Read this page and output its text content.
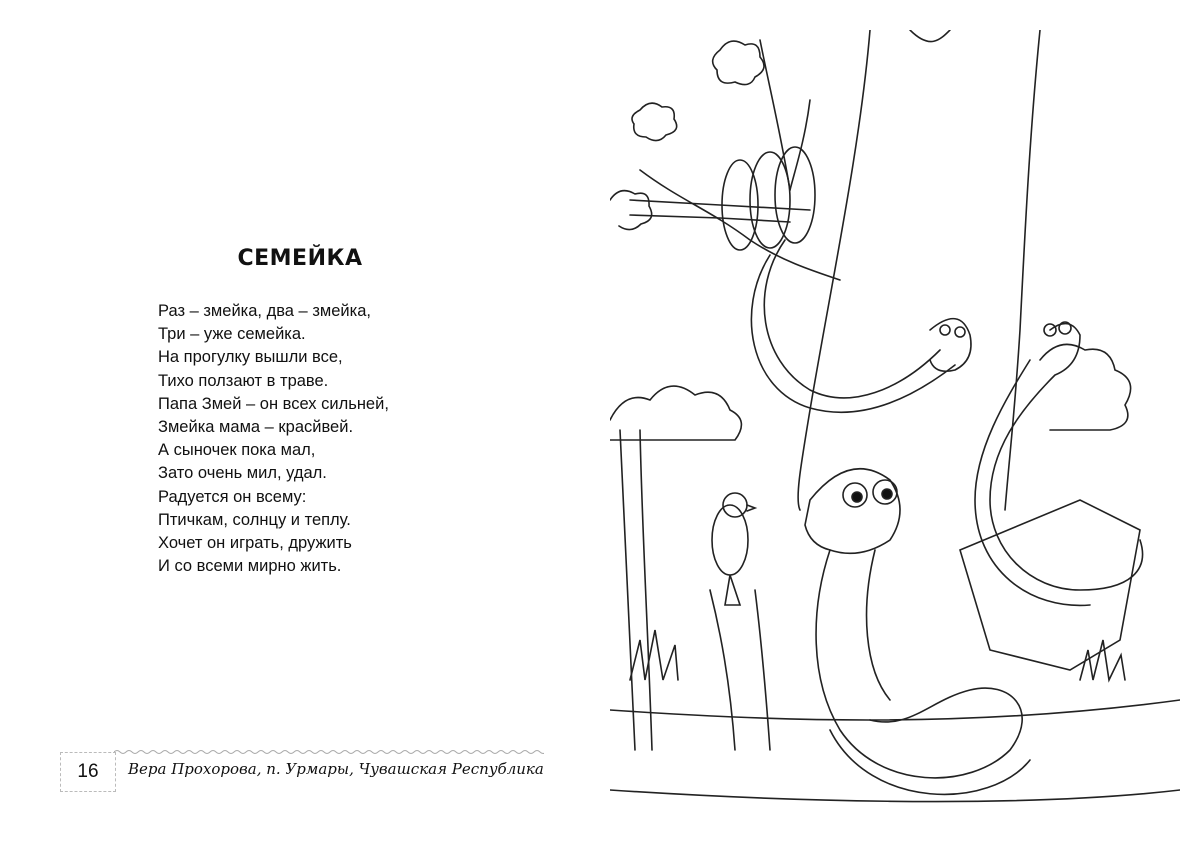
СЕМЕЙКА
Раз – змейка, два – змейка,
Три – уже семейка.
На прогулку вышли все,
Тихо ползают в траве.
Папа Змей – он всех сильней,
Змейка мама – красйвей.
А сыночек пока мал,
Зато очень мил, удал.
Радуется он всему:
Птичкам, солнцу и теплу.
Хочет он играть, дружить
И со всеми мирно жить.
16	Вера Прохорова, п. Урмары, Чувашская Республика
